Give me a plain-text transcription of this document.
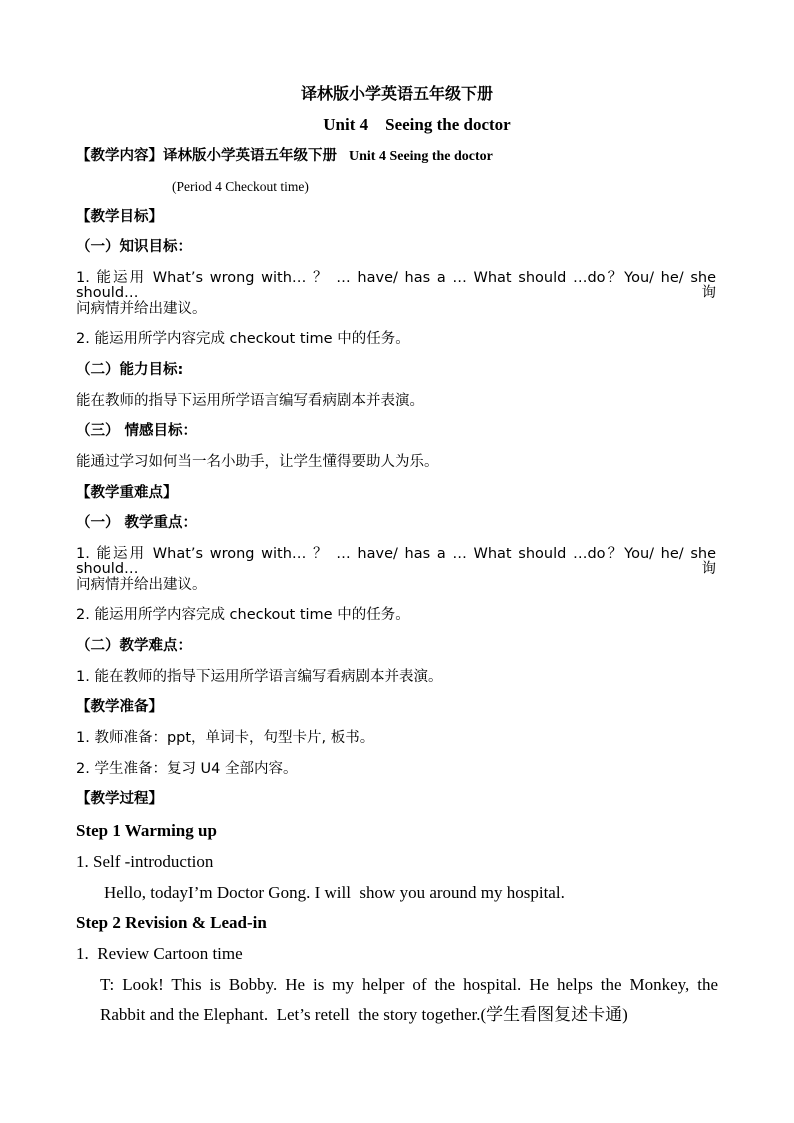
译林版小学英语五年级下册
Unit 4    Seeing the doctor
【教学内容】译林版小学英语五年级下册 Unit 4 Seeing the doctor
(Period 4 Checkout time)
【教学目标】
（一）知识目标：
1. 能运用 What’s wrong with… ？ … have/ has a … What should …do？You/ he/ she should… 询
问病情并给出建议。
2. 能运用所学内容完成 checkout time 中的任务。
（二）能力目标:
能在教师的指导下运用所学语言编写看病剧本并表演。
（三） 情感目标：
能通过学习如何当一名小助手，让学生懂得要助人为乐。
【教学重难点】
（一） 教学重点：
1. 能运用 What’s wrong with… ？ … have/ has a … What should …do？You/ he/ she should… 询
问病情并给出建议。
2. 能运用所学内容完成 checkout time 中的任务。
（二）教学难点：
1. 能在教师的指导下运用所学语言编写看病剧本并表演。
【教学准备】
1. 教师准备：ppt，单词卡，句型卡片, 板书。
2. 学生准备：复习 U4 全部内容。
【教学过程】
Step 1 Warming up
1. Self -introduction
Hello, todayI’m Doctor Gong. I will  show you around my hospital.
Step 2 Revision & Lead-in
1.  Review Cartoon time
T: Look! This is Bobby. He is my helper of the hospital. He helps the Monkey, the
Rabbit and the Elephant.  Let’s retell  the story together.(学生看图复述卡通)
